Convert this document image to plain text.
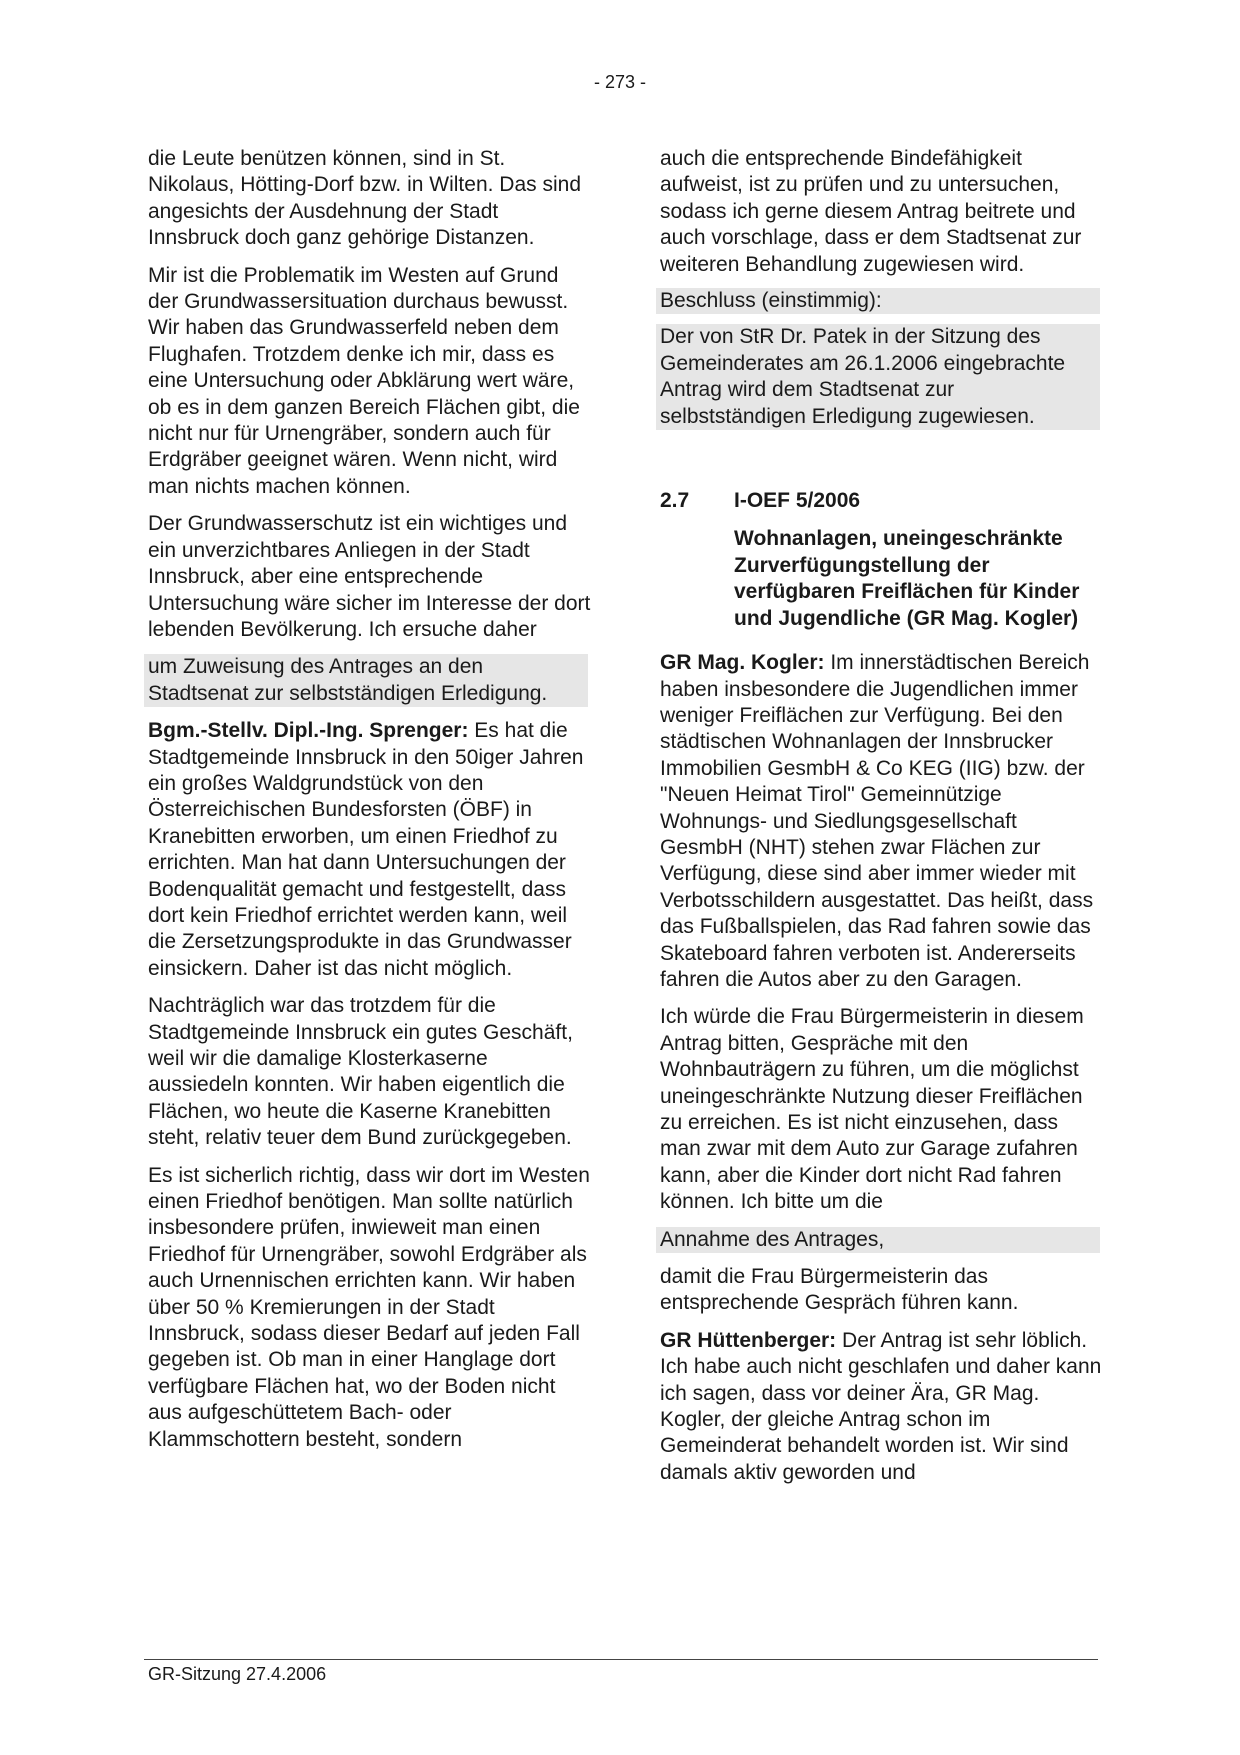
- 273 -

die Leute benützen können, sind in St. Nikolaus, Hötting-Dorf bzw. in Wilten. Das sind angesichts der Ausdehnung der Stadt Innsbruck doch ganz gehörige Distanzen.

Mir ist die Problematik im Westen auf Grund der Grundwassersituation durchaus bewusst. Wir haben das Grundwasserfeld neben dem Flughafen. Trotzdem denke ich mir, dass es eine Untersuchung oder Abklärung wert wäre, ob es in dem ganzen Bereich Flächen gibt, die nicht nur für Urnengräber, sondern auch für Erdgräber geeignet wären. Wenn nicht, wird man nichts machen können.

Der Grundwasserschutz ist ein wichtiges und ein unverzichtbares Anliegen in der Stadt Innsbruck, aber eine entsprechende Untersuchung wäre sicher im Interesse der dort lebenden Bevölkerung. Ich ersuche daher

um Zuweisung des Antrages an den Stadtsenat zur selbstständigen Erledigung.

Bgm.-Stellv. Dipl.-Ing. Sprenger: Es hat die Stadtgemeinde Innsbruck in den 50iger Jahren ein großes Waldgrundstück von den Österreichischen Bundesforsten (ÖBF) in Kranebitten erworben, um einen Friedhof zu errichten. Man hat dann Untersuchungen der Bodenqualität gemacht und festgestellt, dass dort kein Friedhof errichtet werden kann, weil die Zersetzungsprodukte in das Grundwasser einsickern. Daher ist das nicht möglich.

Nachträglich war das trotzdem für die Stadtgemeinde Innsbruck ein gutes Geschäft, weil wir die damalige Klosterkaserne aussiedeln konnten. Wir haben eigentlich die Flächen, wo heute die Kaserne Kranebitten steht, relativ teuer dem Bund zurückgegeben.

Es ist sicherlich richtig, dass wir dort im Westen einen Friedhof benötigen. Man sollte natürlich insbesondere prüfen, inwieweit man einen Friedhof für Urnengräber, sowohl Erdgräber als auch Urnennischen errichten kann. Wir haben über 50 % Kremierungen in der Stadt Innsbruck, sodass dieser Bedarf auf jeden Fall gegeben ist. Ob man in einer Hanglage dort verfügbare Flächen hat, wo der Boden nicht aus aufgeschüttetem Bach- oder Klammschottern besteht, sondern

auch die entsprechende Bindefähigkeit aufweist, ist zu prüfen und zu untersuchen, sodass ich gerne diesem Antrag beitrete und auch vorschlage, dass er dem Stadtsenat zur weiteren Behandlung zugewiesen wird.

Beschluss (einstimmig):

Der von StR Dr. Patek in der Sitzung des Gemeinderates am 26.1.2006 eingebrachte Antrag wird dem Stadtsenat zur selbstständigen Erledigung zugewiesen.

2.7	I-OEF 5/2006
Wohnanlagen, uneingeschränkte Zurverfügungstellung der verfügbaren Freiflächen für Kinder und Jugendliche (GR Mag. Kogler)

GR Mag. Kogler: Im innerstädtischen Bereich haben insbesondere die Jugendlichen immer weniger Freiflächen zur Verfügung. Bei den städtischen Wohnanlagen der Innsbrucker Immobilien GesmbH & Co KEG (IIG) bzw. der "Neuen Heimat Tirol" Gemeinnützige Wohnungs- und Siedlungsgesellschaft GesmbH (NHT) stehen zwar Flächen zur Verfügung, diese sind aber immer wieder mit Verbotsschildern ausgestattet. Das heißt, dass das Fußballspielen, das Rad fahren sowie das Skateboard fahren verboten ist. Andererseits fahren die Autos aber zu den Garagen.

Ich würde die Frau Bürgermeisterin in diesem Antrag bitten, Gespräche mit den Wohnbauträgern zu führen, um die möglichst uneingeschränkte Nutzung dieser Freiflächen zu erreichen. Es ist nicht einzusehen, dass man zwar mit dem Auto zur Garage zufahren kann, aber die Kinder dort nicht Rad fahren können. Ich bitte um die

Annahme des Antrages,

damit die Frau Bürgermeisterin das entsprechende Gespräch führen kann.

GR Hüttenberger: Der Antrag ist sehr löblich. Ich habe auch nicht geschlafen und daher kann ich sagen, dass vor deiner Ära, GR Mag. Kogler, der gleiche Antrag schon im Gemeinderat behandelt worden ist. Wir sind damals aktiv geworden und

GR-Sitzung 27.4.2006
